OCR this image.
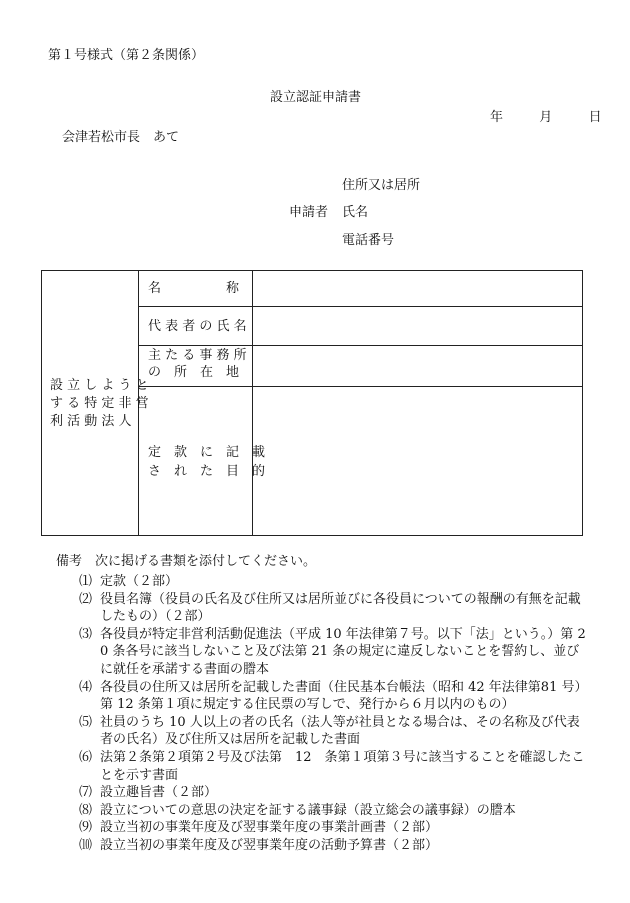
第１号様式（第２条関係）
設立認証申請書
年	月	日
会津若松市長　あて
住所又は居所
申請者 氏名
電話番号
設 立 し よ う と
す る 特 定 非 営
利 活 動 法 人
名　　　　　称
代 表 者 の 氏 名
主 た る 事 務 所
の　所　在　地
定　款　に　記　載
さ　れ　た　目　的
備考　次に掲げる書類を添付してください。
⑴ 定款（２部）
⑵ 役員名簿（役員の氏名及び住所又は居所並びに各役員についての報酬の有無を記載したもの）（２部）
⑶ 各役員が特定非営利活動促進法（平成 10 年法律第７号。以下「法」という。）第 20 条各号に該当しないこと及び法第 21 条の規定に違反しないことを誓約し、並びに就任を承諾する書面の謄本
⑷ 各役員の住所又は居所を記載した書面（住民基本台帳法（昭和 42 年法律第81 号）第 12 条第１項に規定する住民票の写しで、発行から６月以内のもの）
⑸ 社員のうち 10 人以上の者の氏名（法人等が社員となる場合は、その名称及び代表者の氏名）及び住所又は居所を記載した書面
⑹ 法第２条第２項第２号及び法第　12　条第１項第３号に該当することを確認したことを示す書面
⑺ 設立趣旨書（２部）
⑻ 設立についての意思の決定を証する議事録（設立総会の議事録）の謄本
⑼ 設立当初の事業年度及び翌事業年度の事業計画書（２部）
⑽ 設立当初の事業年度及び翌事業年度の活動予算書（２部）
